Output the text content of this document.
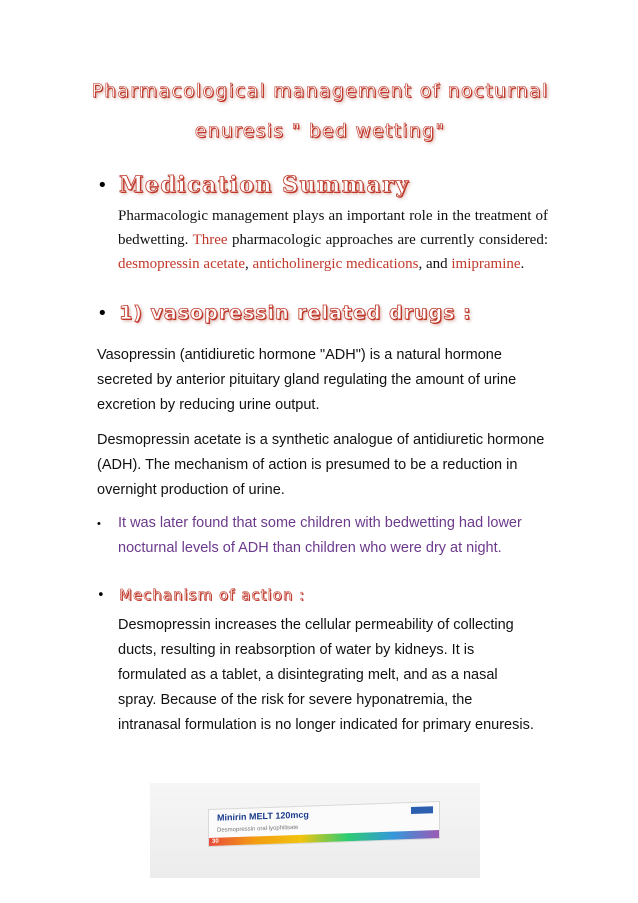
Pharmacological management of nocturnal
enuresis " bed wetting"
• Medication Summary
Pharmacologic management plays an important role in the treatment of bedwetting. Three pharmacologic approaches are currently considered: desmopressin acetate, anticholinergic medications, and imipramine.
• 1) vasopressin related drugs :
Vasopressin (antidiuretic hormone "ADH") is a natural hormone secreted by anterior pituitary gland regulating the amount of urine excretion by reducing urine output.
Desmopressin acetate is a synthetic analogue of antidiuretic hormone (ADH). The mechanism of action is presumed to be a reduction in overnight production of urine.
•	It was later found that some children with bedwetting had lower nocturnal levels of ADH than children who were dry at night.
• Mechanism of action :
Desmopressin increases the cellular permeability of collecting ducts, resulting in reabsorption of water by kidneys. It is formulated as a tablet, a disintegrating melt, and as a nasal spray. Because of the risk for severe hyponatremia, the intranasal formulation is no longer indicated for primary enuresis.
Minirin MELT 120mcg
Desmopressin oral lyophilisate
30
